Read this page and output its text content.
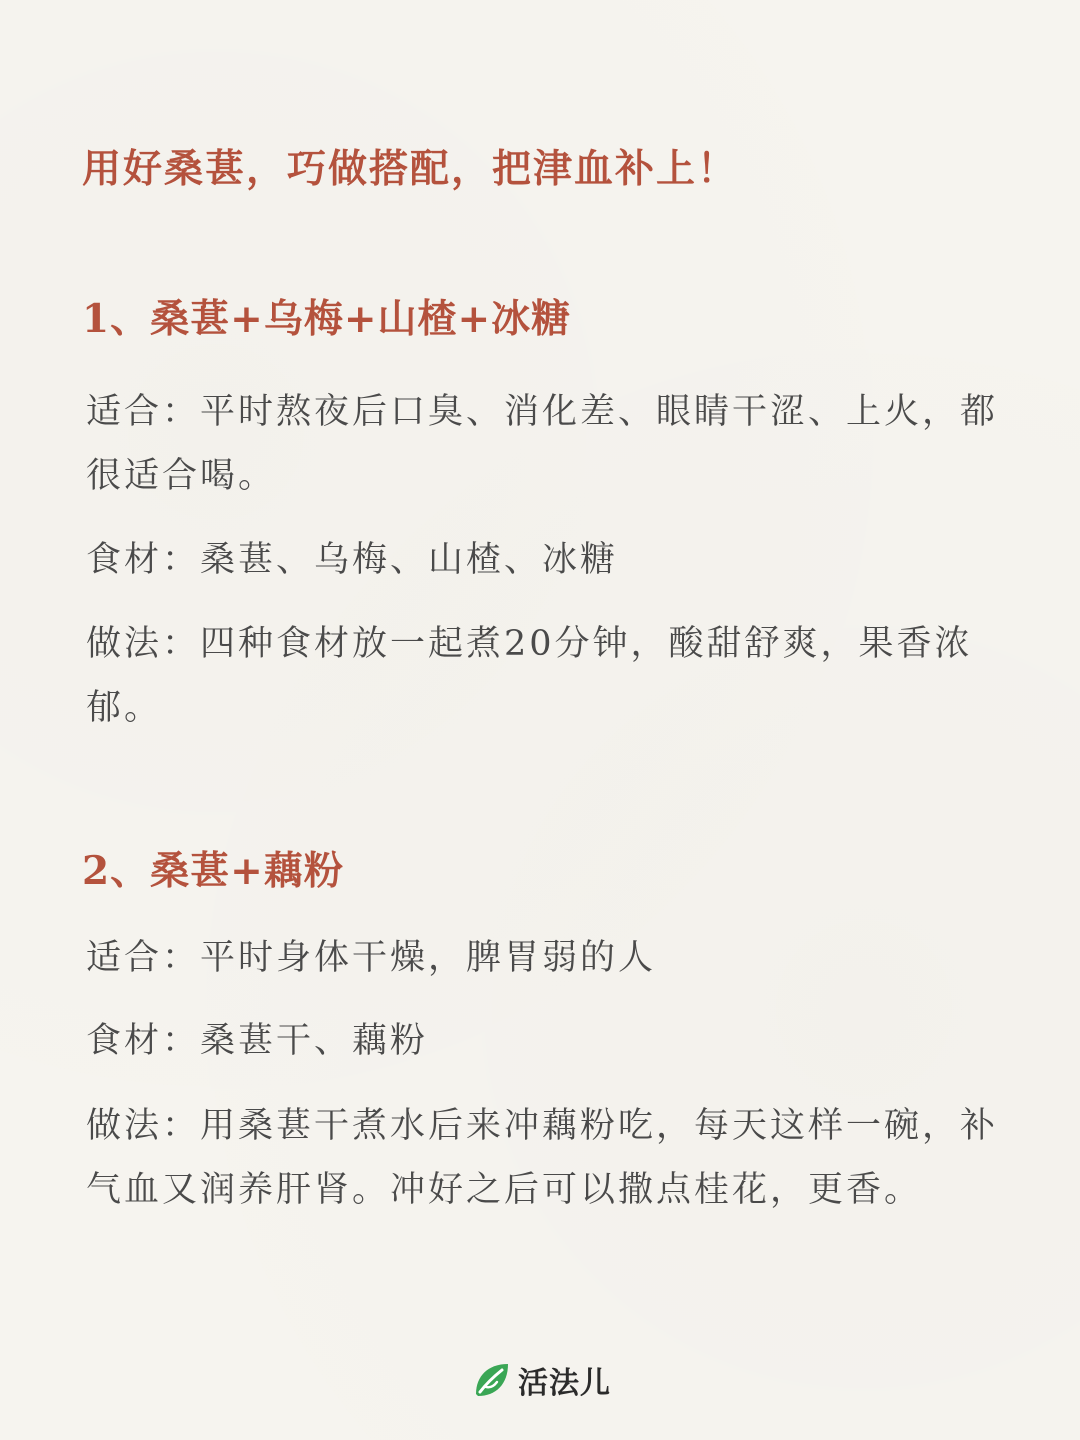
用好桑葚，巧做搭配，把津血补上！
1、桑葚+乌梅+山楂+冰糖

适合：平时熬夜后口臭、消化差、眼睛干涩、上火，都很适合喝。

食材：桑葚、乌梅、山楂、冰糖

做法：四种食材放一起煮20分钟，酸甜舒爽，果香浓郁。

2、桑葚+藕粉

适合：平时身体干燥，脾胃弱的人

食材：桑葚干、藕粉

做法：用桑葚干煮水后来冲藕粉吃，每天这样一碗，补气血又润养肝肾。冲好之后可以撒点桂花，更香。

活法儿
